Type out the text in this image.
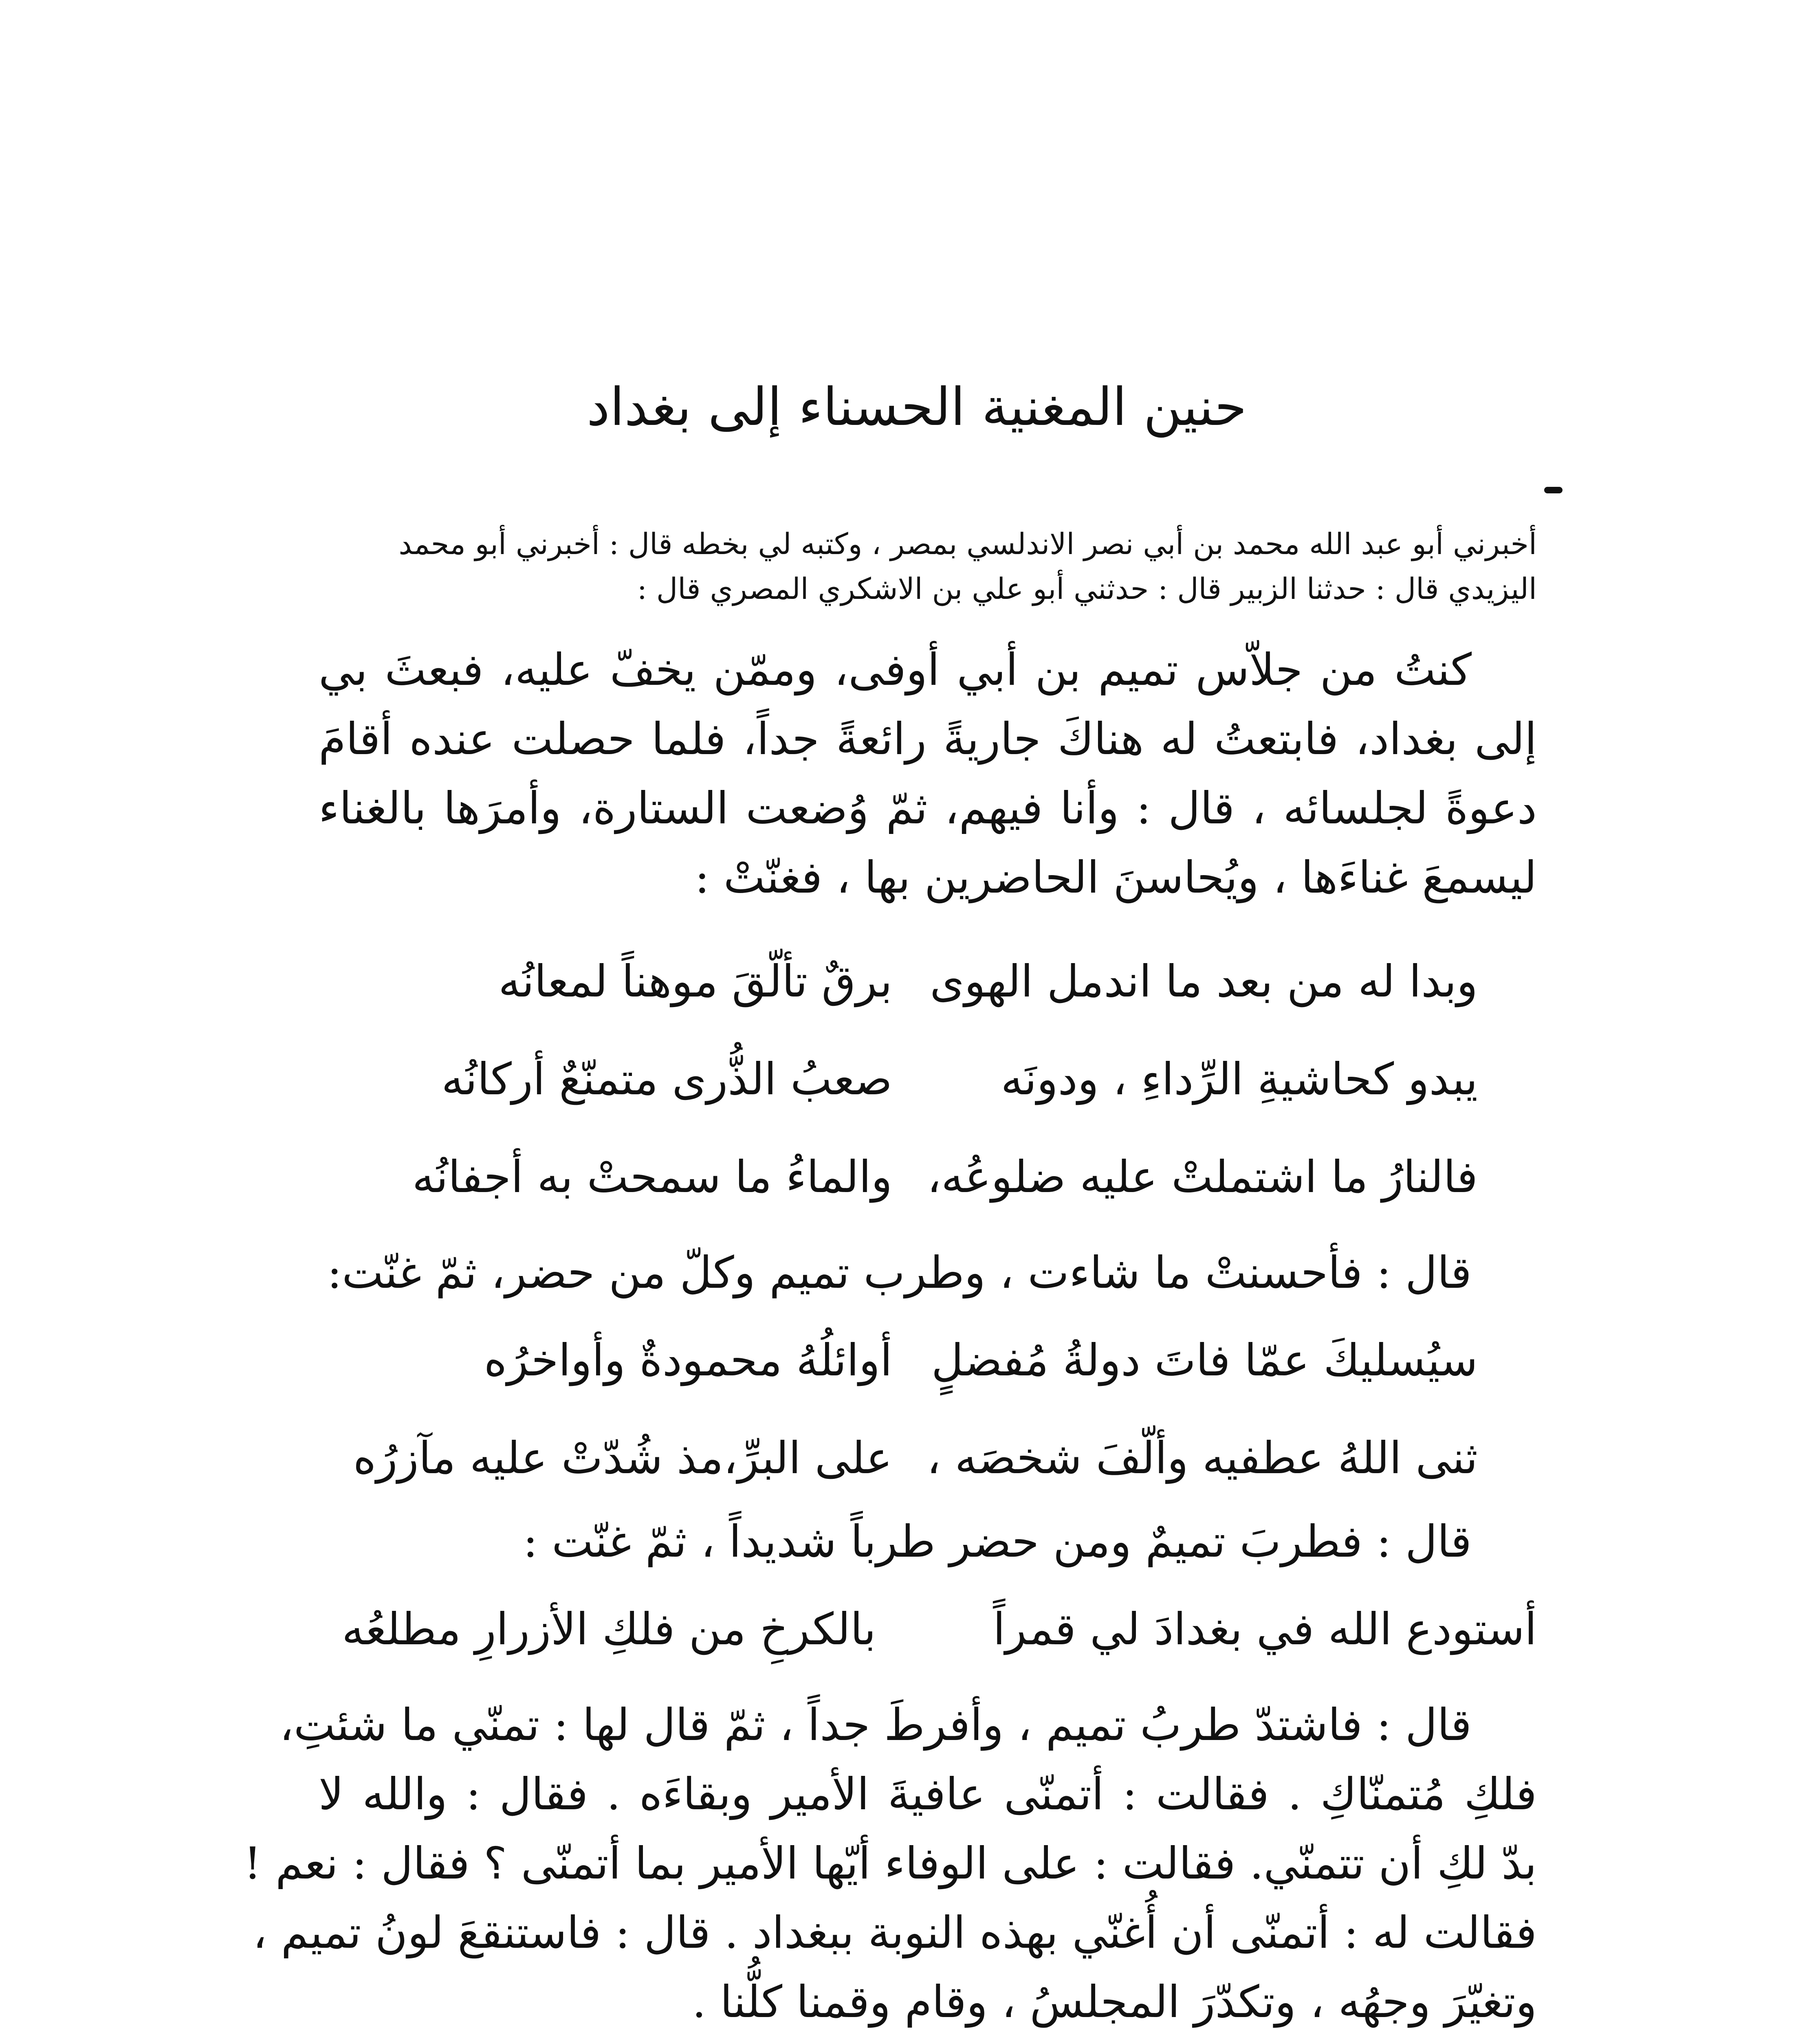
حنين المغنية الحسناء إلى بغداد
أخبرني أبو عبد الله محمد بن أبي نصر الاندلسي بمصر ، وكتبه لي بخطه قال : أخبرني أبو محمد
اليزيدي قال : حدثنا الزبير قال : حدثني أبو علي بن الاشكري المصري قال :
كنتُ من جلاّس تميم بن أبي أوفى، وممّن يخفّ عليه، فبعثَ بي
إلى بغداد، فابتعتُ له هناكَ جاريةً رائعةً جداً، فلما حصلت عنده أقامَ
دعوةً لجلسائه ، قال : وأنا فيهم، ثمّ وُضعت الستارة، وأمرَها بالغناء
ليسمعَ غناءَها ، ويُحاسنَ الحاضرين بها ، فغنّتْ :
وبدا له من بعد ما اندمل الهوى
برقٌ تألّقَ موهناً لمعانُه
يبدو كحاشيةِ الرِّداءِ ، ودونَه
صعبُ الذُّرى متمنّعٌ أركانُه
فالنارُ ما اشتملتْ عليه ضلوعُه،
والماءُ ما سمحتْ به أجفانُه
قال : فأحسنتْ ما شاءت ، وطرب تميم وكلّ من حضر، ثمّ غنّت:
سيُسليكَ عمّا فاتَ دولةُ مُفضلٍ
أوائلُهُ محمودةٌ وأواخرُه
ثنى اللهُ عطفيه وألّفَ شخصَه ،
على البرِّ،مذ شُدّتْ عليه مآزرُه
قال : فطربَ تميمٌ ومن حضر طرباً شديداً ، ثمّ غنّت :
أستودع الله في بغدادَ لي قمراً
بالكرخِ من فلكِ الأزرارِ مطلعُه
قال : فاشتدّ طربُ تميم ، وأفرطَ جداً ، ثمّ قال لها : تمنّي ما شئتِ،
فلكِ مُتمنّاكِ . فقالت : أتمنّى عافيةَ الأمير وبقاءَه . فقال : والله لا
بدّ لكِ أن تتمنّي. فقالت : على الوفاء أيّها الأمير بما أتمنّى ؟ فقال : نعم !
فقالت له : أتمنّى أن أُغنّي بهذه النوبة ببغداد . قال : فاستنقعَ لونُ تميم ،
وتغيّرَ وجهُه ، وتكدّرَ المجلسُ ، وقام وقمنا كلُّنا .
